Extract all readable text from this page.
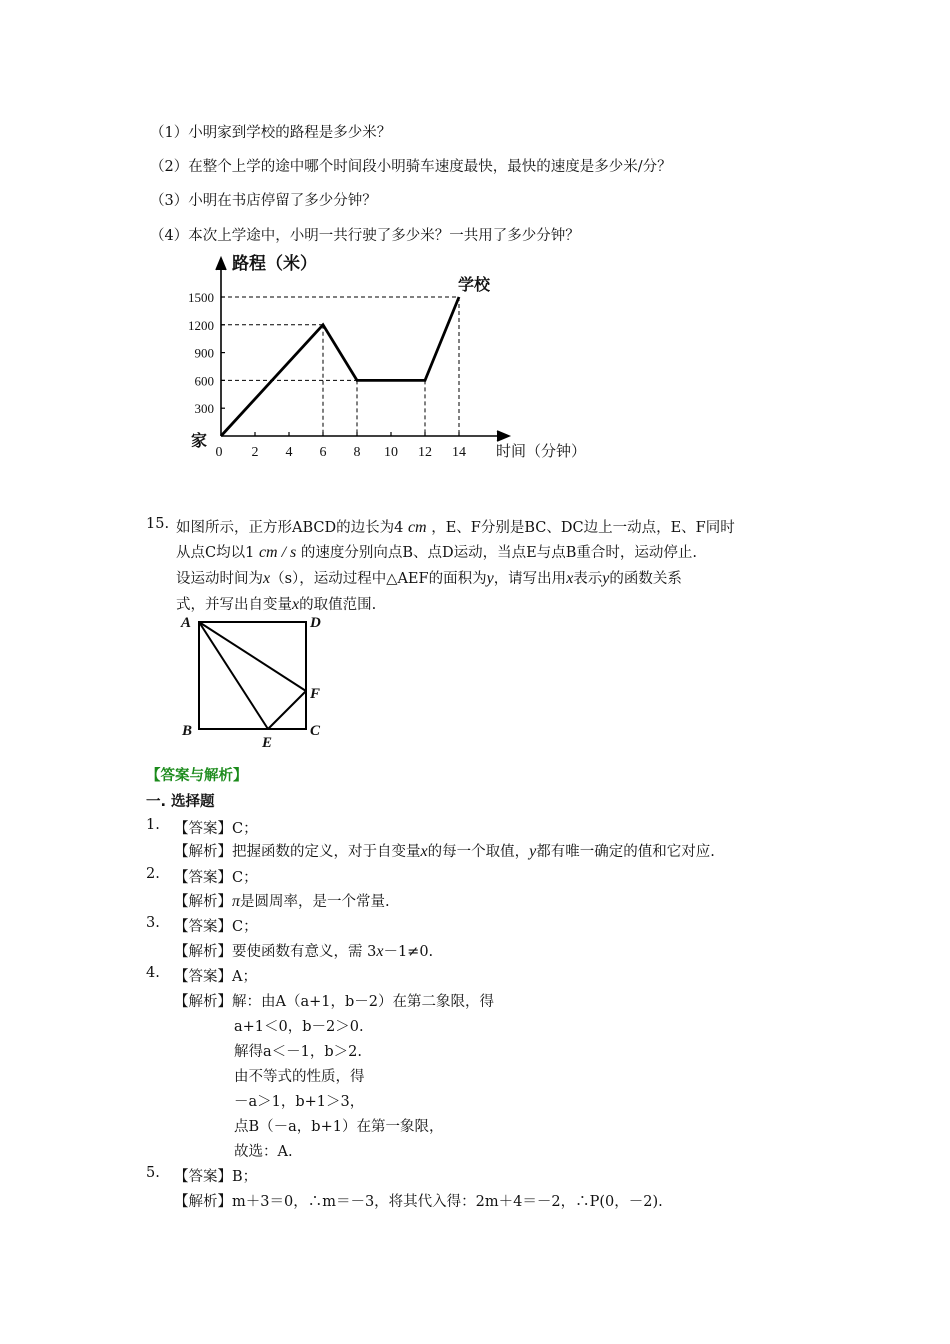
（1）小明家到学校的路程是多少米？
（2）在整个上学的途中哪个时间段小明骑车速度最快，最快的速度是多少米/分？
（3）小明在书店停留了多少分钟？
（4）本次上学途中，小明一共行驶了多少米？一共用了多少分钟？
0 2 4 6 8 10 12 14
300
600
900
1200
1500
路程（米）
时间（分钟）
家
学校
15. 如图所示，正方形ABCD的边长为4 cm ，E、F分别是BC、DC边上一动点，E、F同时
从点C均以1 cm / s 的速度分别向点B、点D运动，当点E与点B重合时，运动停止.
设运动时间为x（s），运动过程中△AEF的面积为y，请写出用x表示y的函数关系
式，并写出自变量x的取值范围.
A	D
F
B	C
E
【答案与解析】
一. 选择题
1. 【答案】C；
【解析】把握函数的定义，对于自变量x的每一个取值，y都有唯一确定的值和它对应.
2. 【答案】C；
【解析】π是圆周率，是一个常量.
3. 【答案】C；
【解析】要使函数有意义，需 3x－1≠0.
4. 【答案】A；
【解析】解：由A（a+1，b－2）在第二象限，得
a+1＜0，b－2＞0.
解得a＜－1，b＞2.
由不等式的性质，得
－a＞1，b+1＞3，
点B（－a，b+1）在第一象限，
故选：A.
5. 【答案】B；
【解析】m＋3＝0，∴m＝－3，将其代入得：2m＋4＝－2，∴P(0，－2).
